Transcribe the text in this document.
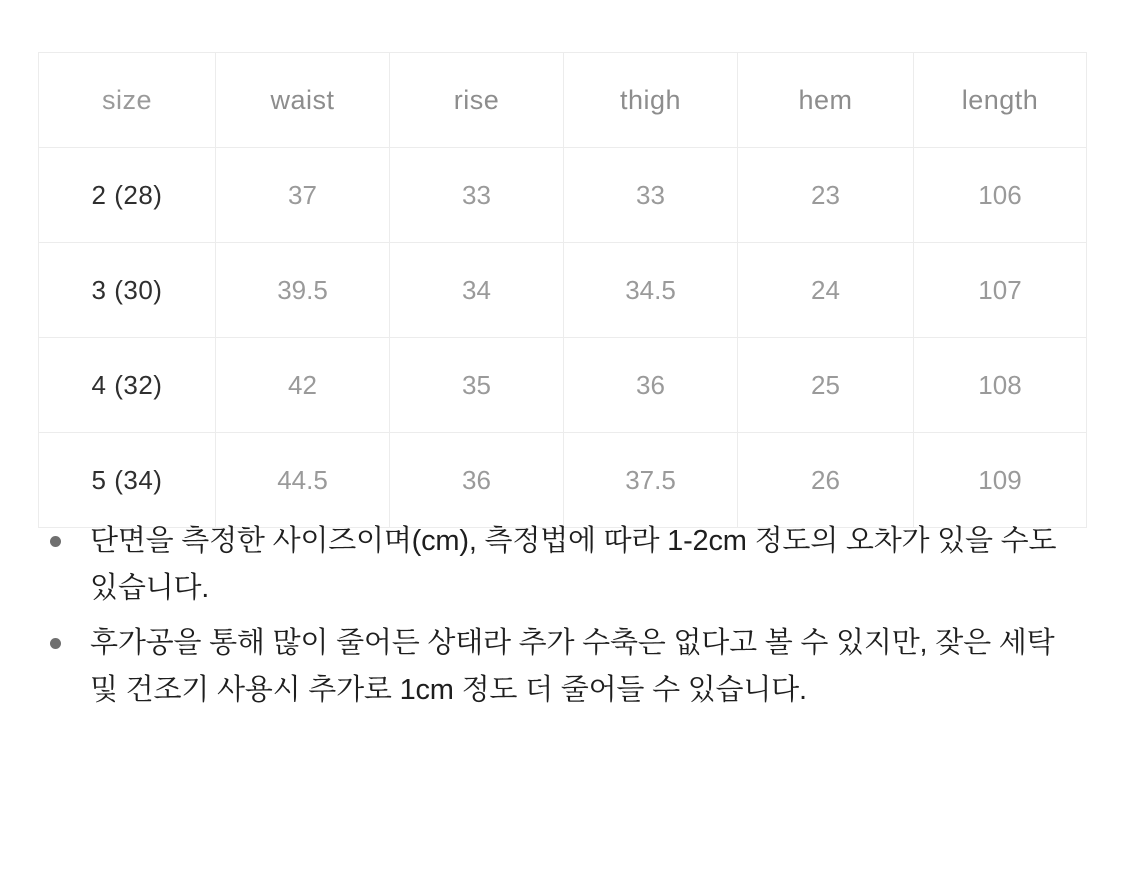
size	waist	rise	thigh	hem	length
2 (28)	37	33	33	23	106
3 (30)	39.5	34	34.5	24	107
4 (32)	42	35	36	25	108
5 (34)	44.5	36	37.5	26	109
단면을 측정한 사이즈이며(cm), 측정법에 따라 1-2cm 정도의 오차가 있을 수도 있습니다.
후가공을 통해 많이 줄어든 상태라 추가 수축은 없다고 볼 수 있지만, 잦은 세탁 및 건조기 사용시 추가로 1cm 정도 더 줄어들 수 있습니다.
